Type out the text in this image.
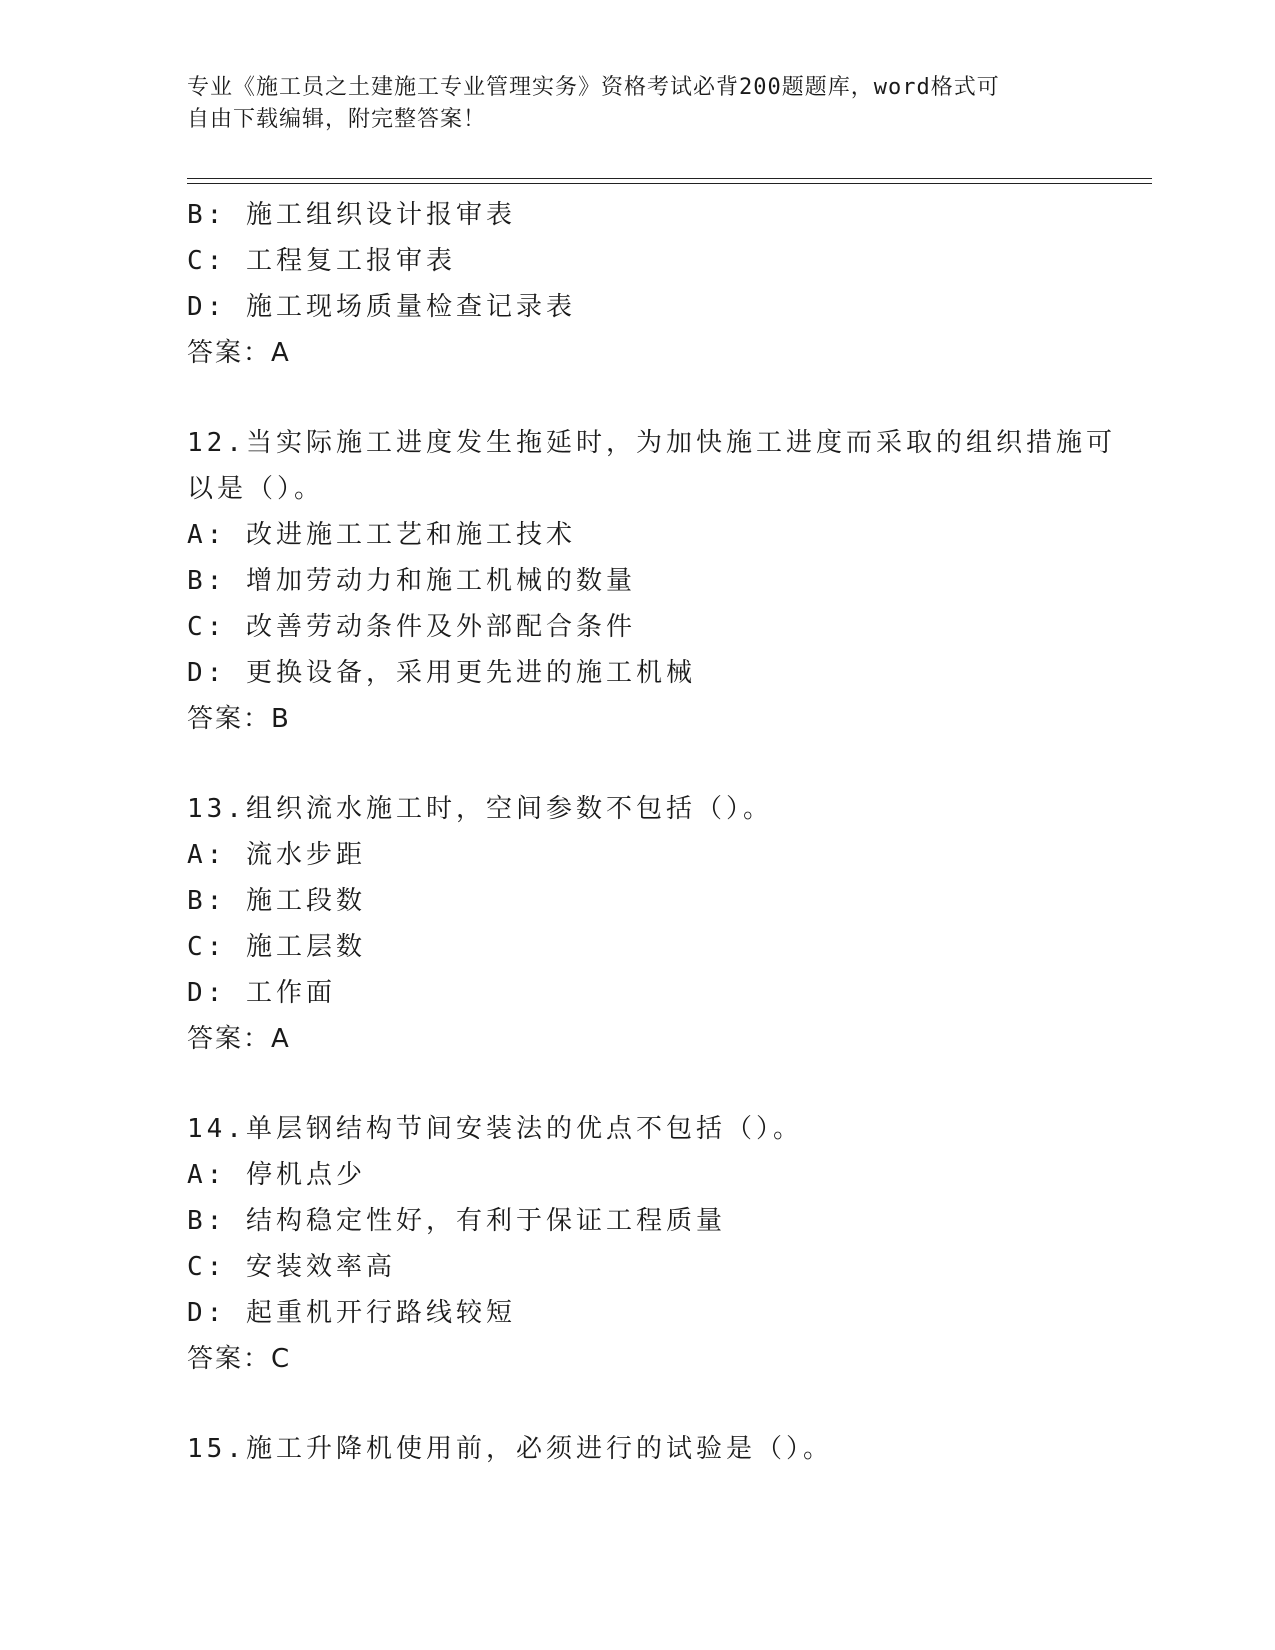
专业《施工员之土建施工专业管理实务》资格考试必背200题题库，word格式可
自由下载编辑，附完整答案！
B: 施工组织设计报审表
C: 工程复工报审表
D: 施工现场质量检查记录表
答案：A
12.当实际施工进度发生拖延时，为加快施工进度而采取的组织措施可
以是（）。
A: 改进施工工艺和施工技术
B: 增加劳动力和施工机械的数量
C: 改善劳动条件及外部配合条件
D: 更换设备，采用更先进的施工机械
答案：B
13.组织流水施工时，空间参数不包括（）。
A: 流水步距
B: 施工段数
C: 施工层数
D: 工作面
答案：A
14.单层钢结构节间安装法的优点不包括（）。
A: 停机点少
B: 结构稳定性好，有利于保证工程质量
C: 安装效率高
D: 起重机开行路线较短
答案：C
15.施工升降机使用前，必须进行的试验是（）。
